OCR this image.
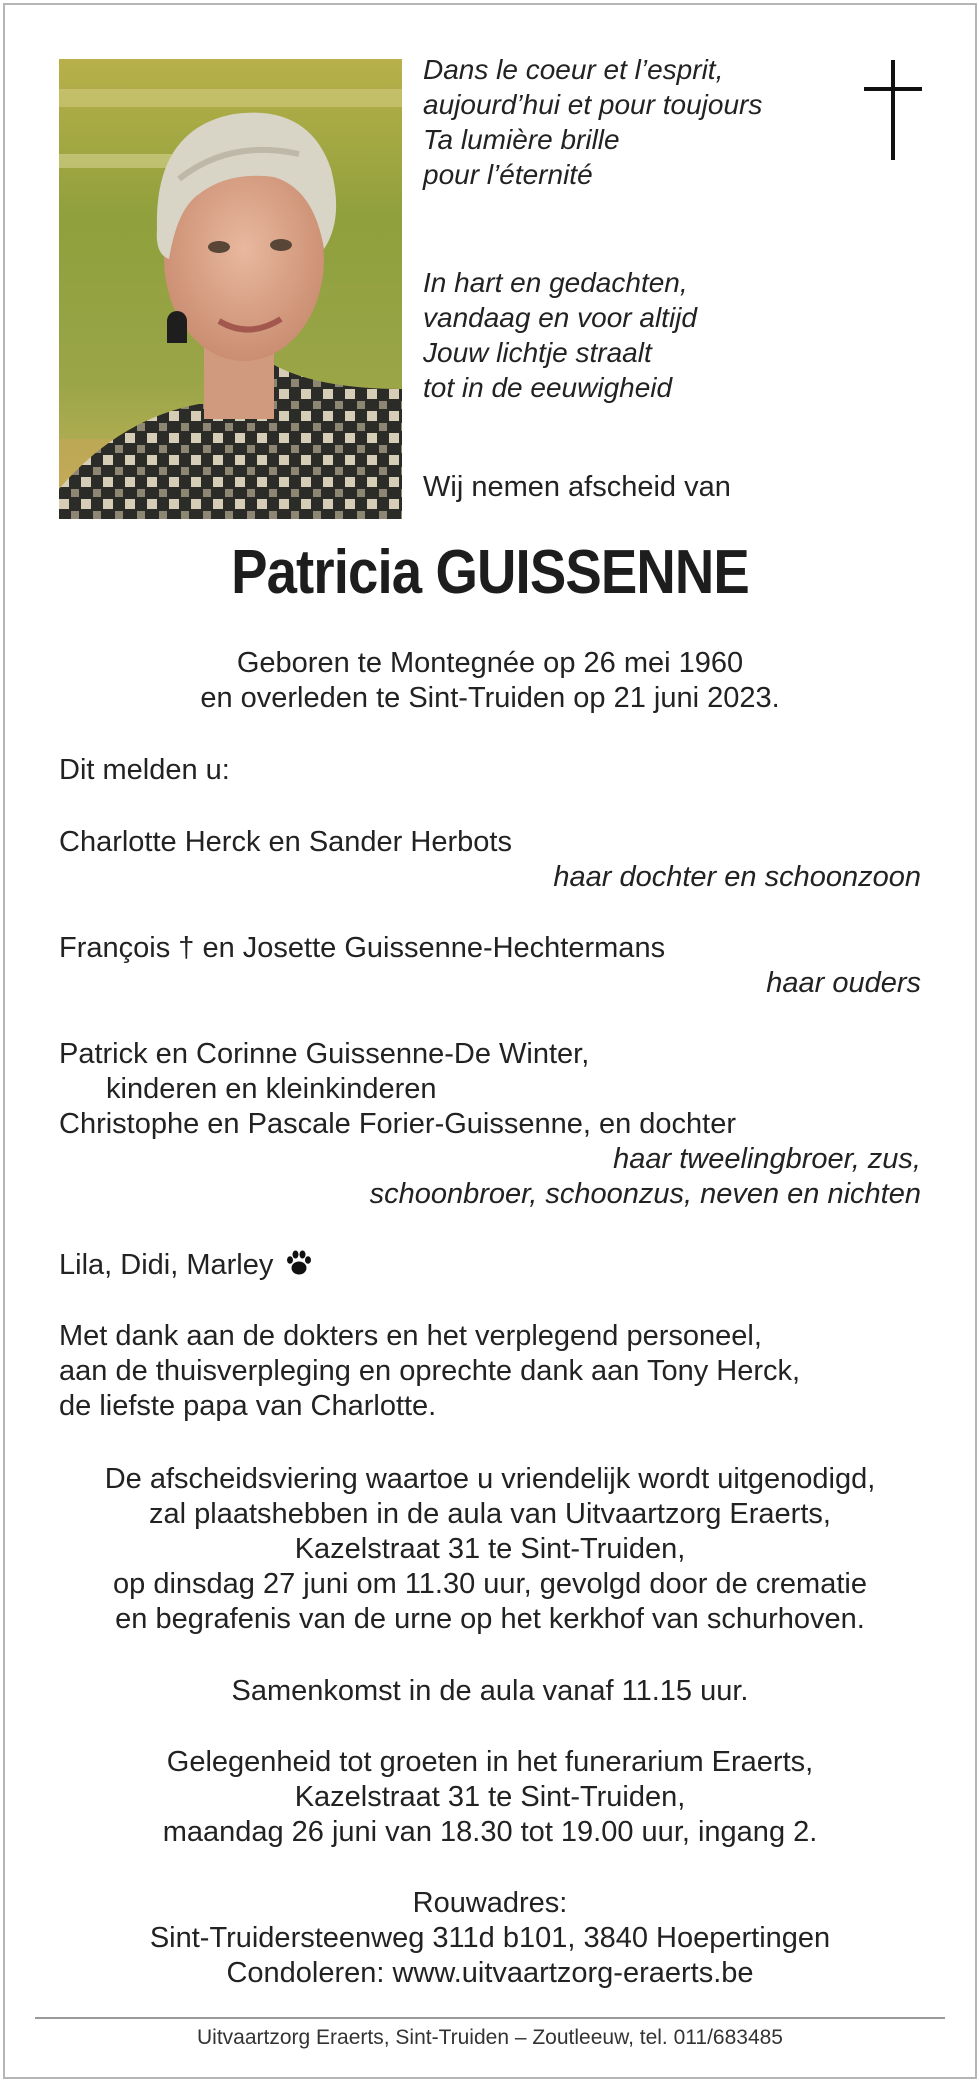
Dans le coeur et l’esprit,
aujourd’hui et pour toujours
Ta lumière brille
pour l’éternité
In hart en gedachten,
vandaag en voor altijd
Jouw lichtje straalt
tot in de eeuwigheid

Wij nemen afscheid van

Patricia GUISSENNE
Geboren te Montegnée op 26 mei 1960
en overleden te Sint-Truiden op 21 juni 2023.

Dit melden u:

Charlotte Herck en Sander Herbots

haar dochter en schoonzoon

François † en Josette Guissenne-Hechtermans

haar ouders

Patrick en Corinne Guissenne-De Winter,

kinderen en kleinkinderen

Christophe en Pascale Forier-Guissenne, en dochter

haar tweelingbroer, zus,

schoonbroer, schoonzus, neven en nichten

Lila, Didi, Marley

Met dank aan de dokters en het verplegend personeel,
aan de thuisverpleging en oprechte dank aan Tony Herck,
de liefste papa van Charlotte.
De afscheidsviering waartoe u vriendelijk wordt uitgenodigd,
zal plaatshebben in de aula van Uitvaartzorg Eraerts,
Kazelstraat 31 te Sint-Truiden,
op dinsdag 27 juni om 11.30 uur, gevolgd door de crematie
en begrafenis van de urne op het kerkhof van schurhoven.

Samenkomst in de aula vanaf 11.15 uur.

Gelegenheid tot groeten in het funerarium Eraerts,
Kazelstraat 31 te Sint-Truiden,
maandag 26 juni van 18.30 tot 19.00 uur, ingang 2.
Rouwadres:
Sint-Truidersteenweg 311d b101, 3840 Hoepertingen
Condoleren: www.uitvaartzorg-eraerts.be

Uitvaartzorg Eraerts, Sint-Truiden – Zoutleeuw, tel. 011/683485
